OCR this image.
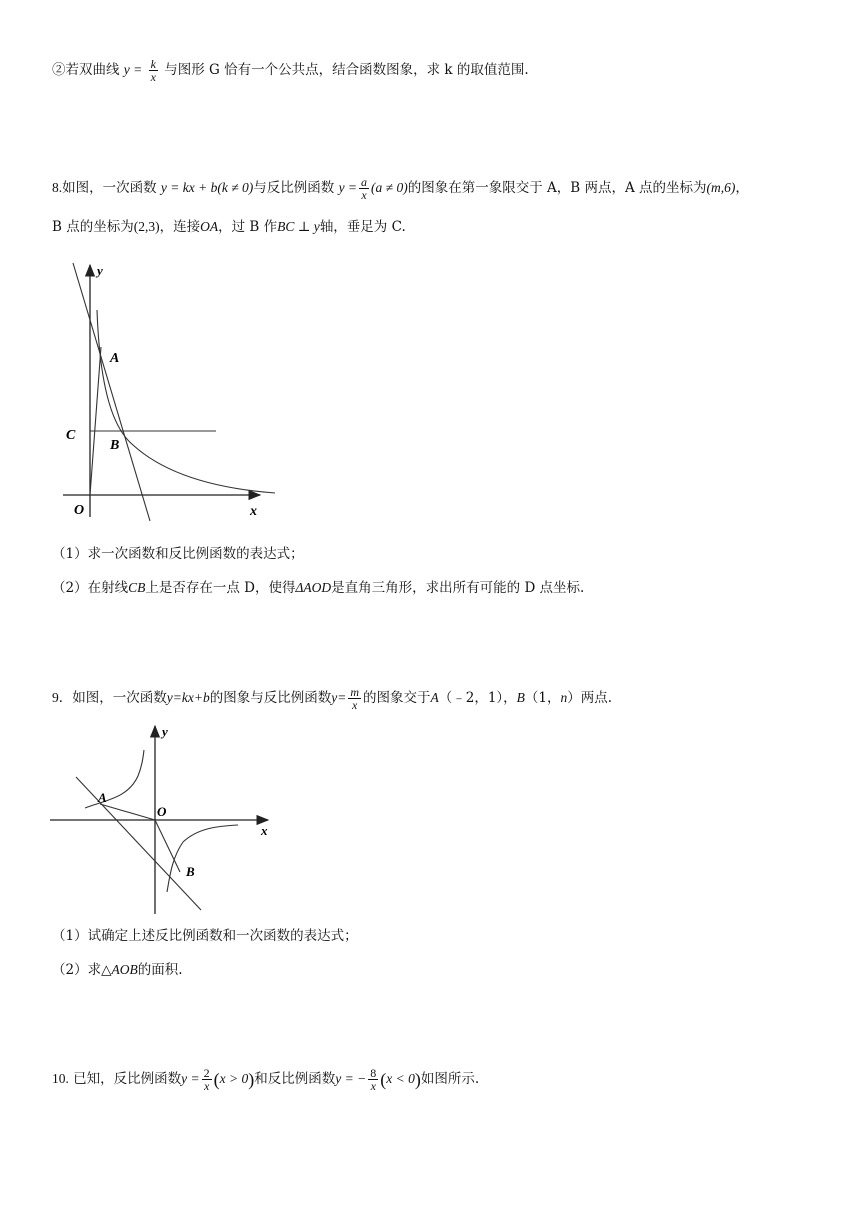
②若双曲线 $y = \frac{k}{x}$ 与图形 G 恰有一个公共点，结合函数图象，求 k 的取值范围.
8.如图，一次函数 y = kx + b(k ≠ 0)与反比例函数 $y = \frac{a}{x} (a \ne 0)$的图象在第一象限交于 A，B 两点，A 点的坐标为(m,6)，
B 点的坐标为(2,3)，连接OA，过 B 作BC ⊥ y轴，垂足为 C.
y
x
A
B
C
O
（1）求一次函数和反比例函数的表达式；
（2）在射线CB上是否存在一点 D，使得ΔAOD是直角三角形，求出所有可能的 D 点坐标.
9．如图，一次函数y=kx+b的图象与反比例函数$y= \frac{m}{x}$ 的图象交于A（﹣2，1），B（1，n）两点.
y
x
A
B
O
（1）试确定上述反比例函数和一次函数的表达式；
（2）求△AOB的面积.
10. 已知，反比例函数$y = \frac{2}{x} (x > 0)$和反比例函数y = − $\frac{8}{x} (x < 0)$如图所示.
